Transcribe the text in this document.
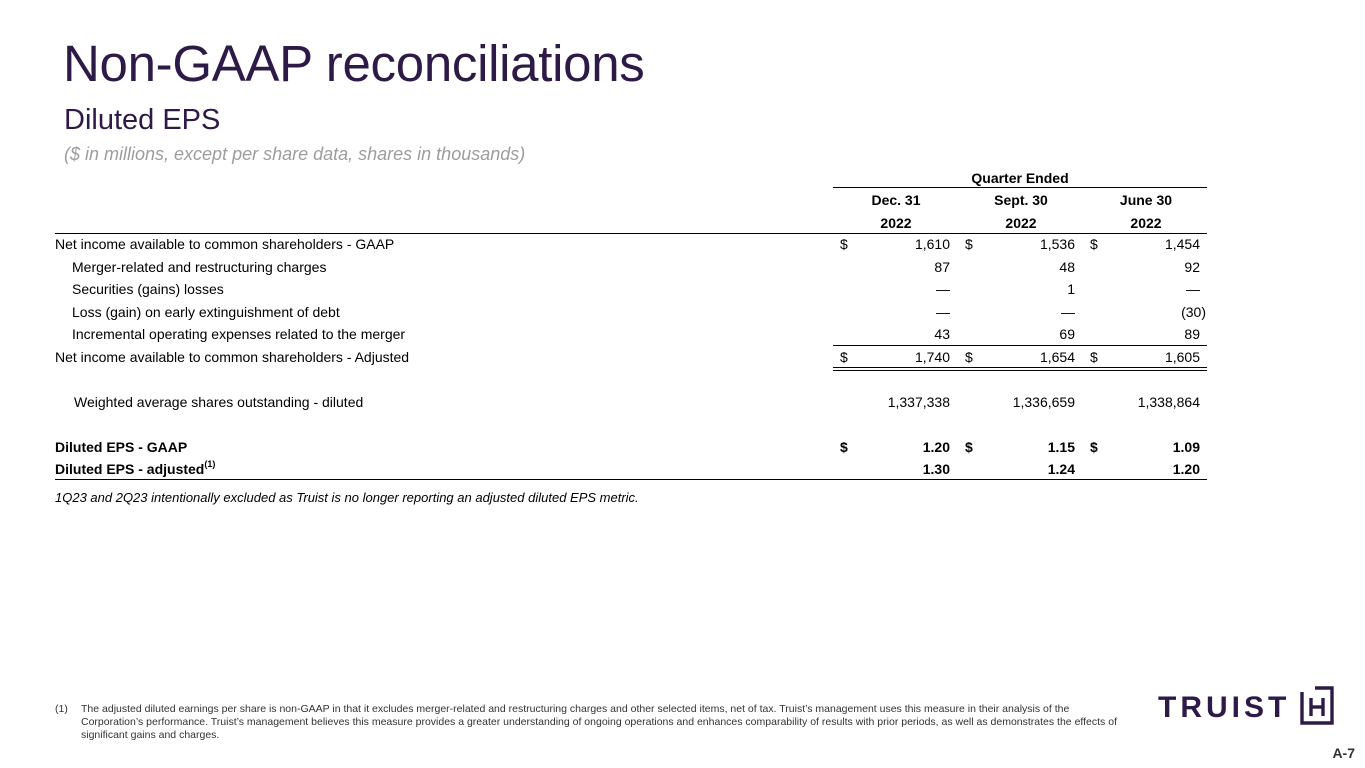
Non-GAAP reconciliations
Diluted EPS
($ in millions, except per share data, shares in thousands)
Quarter Ended
Dec. 31	Sept. 30	June 30
2022	2022	2022
Net income available to common shareholders - GAAP	$	1,610 $	1,536 $	1,454
Merger-related and restructuring charges	87	48	92
Securities (gains) losses	—	1	—
Loss (gain) on early extinguishment of debt	—	—	(30)
Incremental operating expenses related to the merger	43	69	89
Net income available to common shareholders - Adjusted	$	1,740 $	1,654 $	1,605
Weighted average shares outstanding - diluted	1,337,338	1,336,659	1,338,864
Diluted EPS - GAAP	$	1.20 $	1.15 $	1.09
Diluted EPS - adjusted$^{(1)}$	1.30	1.24	1.20
1Q23 and 2Q23 intentionally excluded as Truist is no longer reporting an adjusted diluted EPS metric.
(1) The adjusted diluted earnings per share is non-GAAP in that it excludes merger-related and restructuring charges and other selected items, net of tax. Truist’s management uses this measure in their analysis of the Corporation’s performance. Truist’s management believes this measure provides a greater understanding of ongoing operations and enhances comparability of results with prior periods, as well as demonstrates the effects of significant gains and charges.
TRUIST
A-7
